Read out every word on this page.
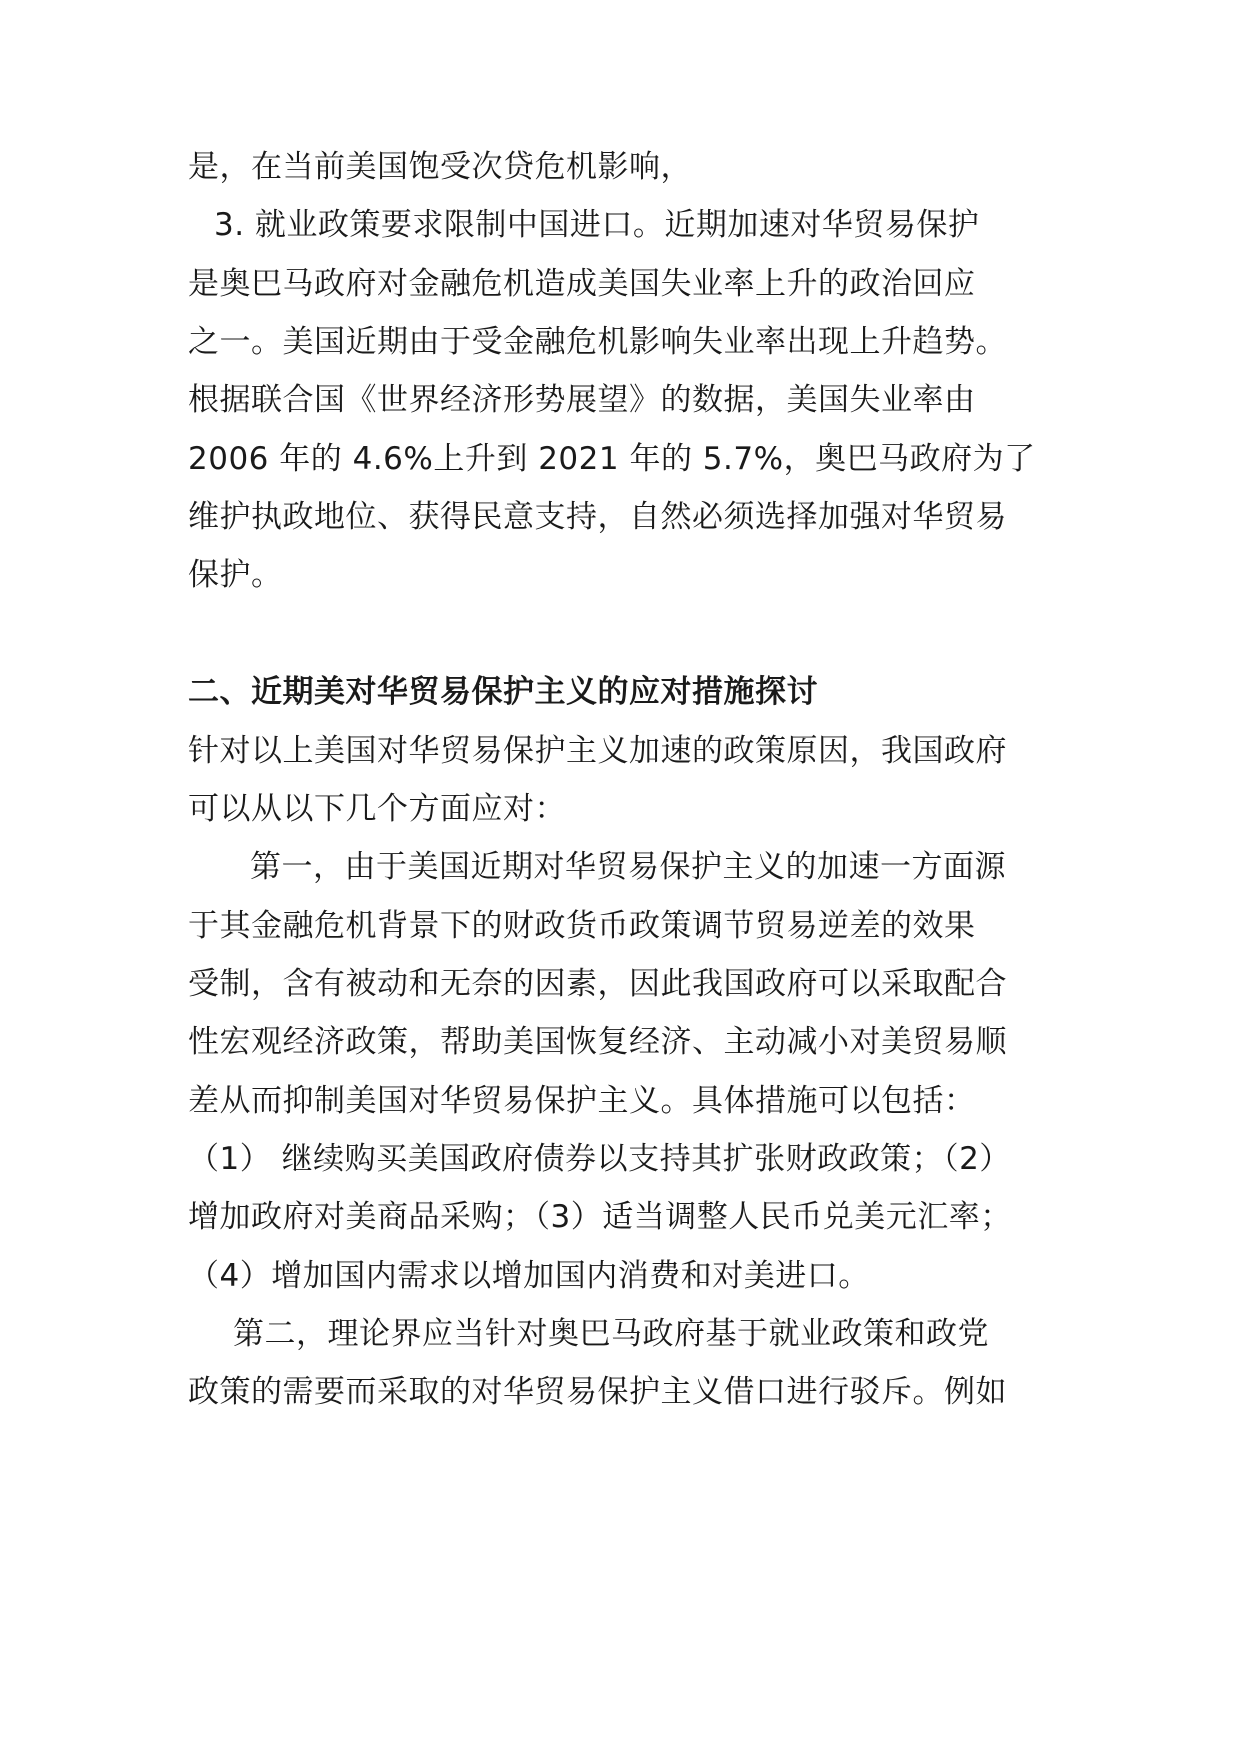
是，在当前美国饱受次贷危机影响，
3. 就业政策要求限制中国进口。近期加速对华贸易保护
是奥巴马政府对金融危机造成美国失业率上升的政治回应
之一。美国近期由于受金融危机影响失业率出现上升趋势。
根据联合国《世界经济形势展望》的数据，美国失业率由
2006 年的 4.6%上升到 2021 年的 5.7%，奥巴马政府为了
维护执政地位、获得民意支持，自然必须选择加强对华贸易
保护。
二、近期美对华贸易保护主义的应对措施探讨
针对以上美国对华贸易保护主义加速的政策原因，我国政府
可以从以下几个方面应对：
第一，由于美国近期对华贸易保护主义的加速一方面源
于其金融危机背景下的财政货币政策调节贸易逆差的效果
受制，含有被动和无奈的因素，因此我国政府可以采取配合
性宏观经济政策，帮助美国恢复经济、主动减小对美贸易顺
差从而抑制美国对华贸易保护主义。具体措施可以包括：
（1） 继续购买美国政府债券以支持其扩张财政政策；（2）
增加政府对美商品采购；（3）适当调整人民币兑美元汇率；
（4）增加国内需求以增加国内消费和对美进口。
第二，理论界应当针对奥巴马政府基于就业政策和政党
政策的需要而采取的对华贸易保护主义借口进行驳斥。例如
